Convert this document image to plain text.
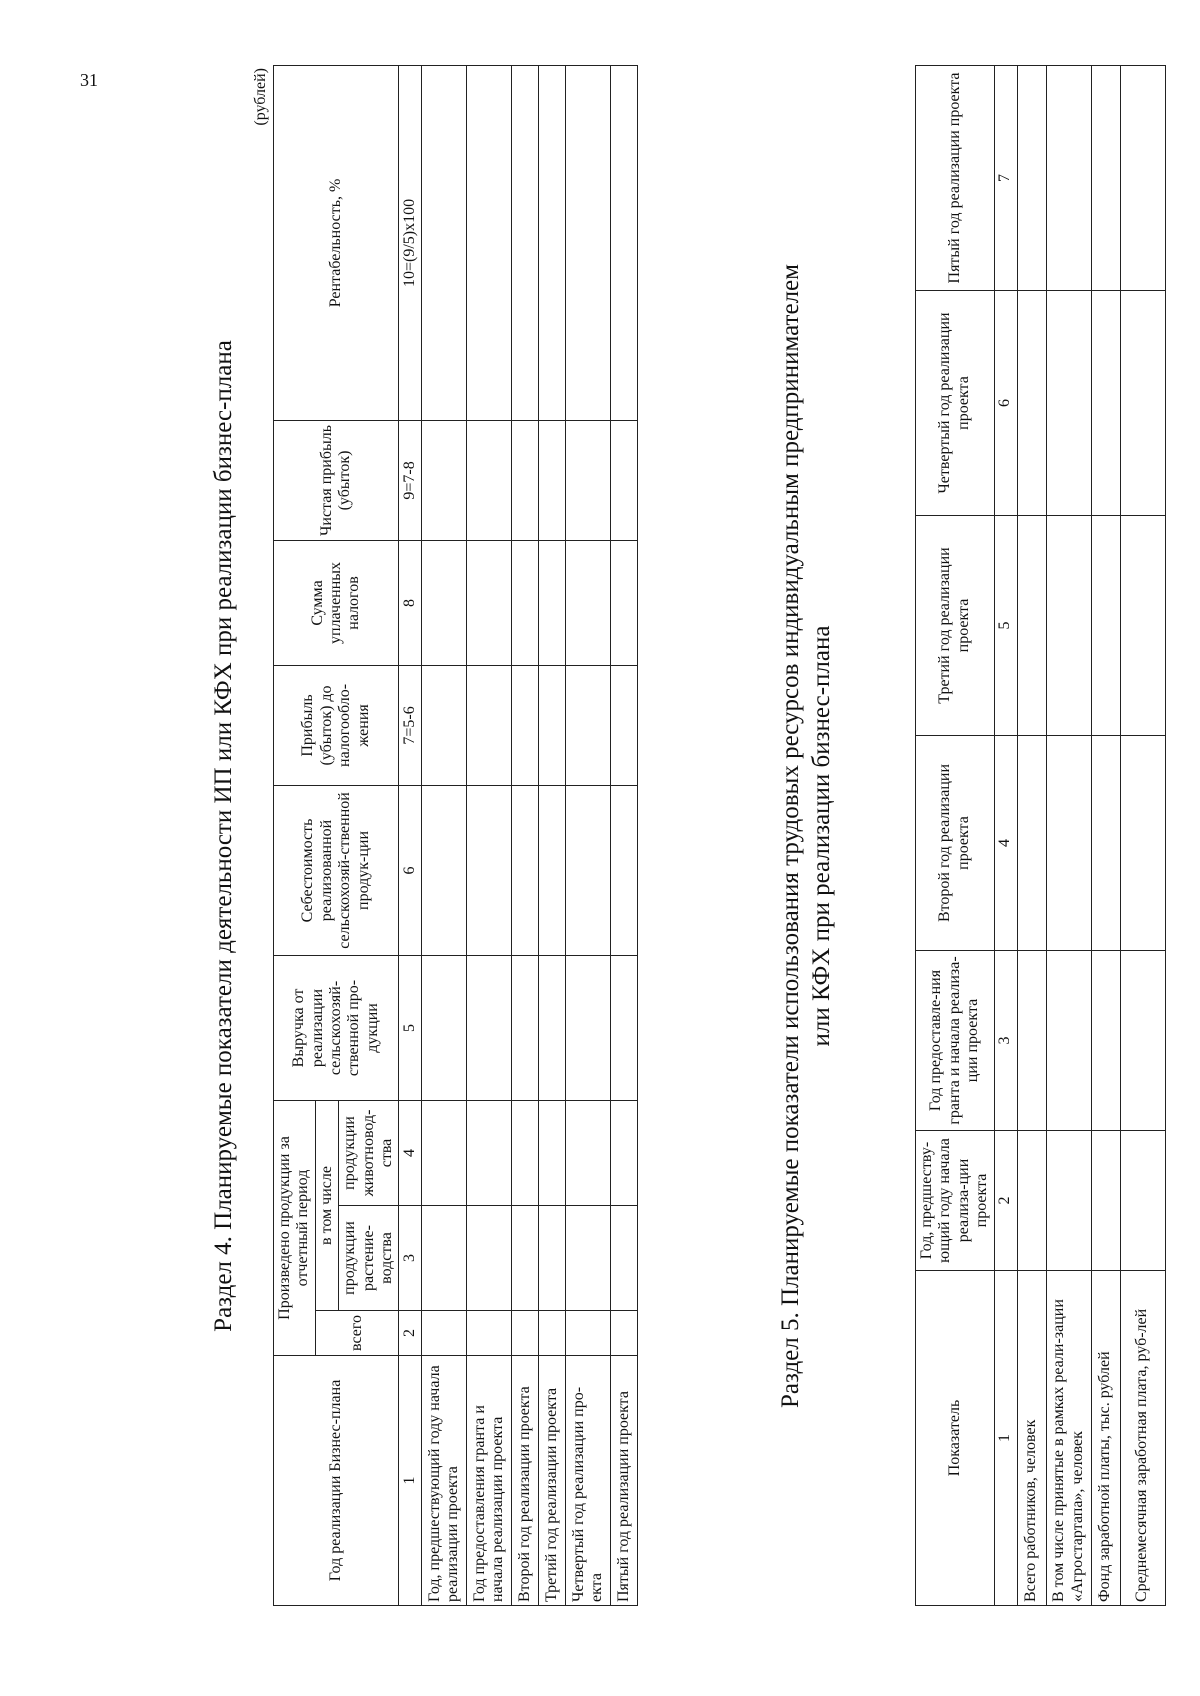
31
Раздел 4. Планируемые показатели деятельности ИП или КФХ при реализации бизнес-плана
(рублей)
Год реализации Бизнес-плана	Произведено продукции за отчетный период			Выручка от реализации сельскохозяй-ственной про-дукции	Себестоимость реализованной сельскохозяй-ственной продук-ции	Прибыль (убыток) до налогообло-жения	Сумма уплаченных налогов	Чистая прибыль (убыток)	Рентабельность, %
	всего	в том числе							
		продукции растение-водства	продукции животновод-ства						
1	2	3	4	5	6	7=5-6	8	9=7-8	10=(9/5)x100
Год, предшествующий году начала реализации проекта									
Год предоставления гранта и начала реализации проекта									
Второй год реализации проекта									
Третий год реализации проекта									
Четвертый год реализации про-екта									
Пятый год реализации проекта									
Раздел 5. Планируемые показатели использования трудовых ресурсов индивидуальным предпринимателем или КФХ при реализации бизнес-плана
Показатель	Год, предшеству-ющий году начала реализа-ции проекта	Год предоставле-ния гранта и начала реализа-ции проекта	Второй год реализации проекта	Третий год реализации проекта	Четвертый год реализации проекта	Пятый год реализации проекта
1	2	3	4	5	6	7
Всего работников, человек						
В том числе принятые в рамках реали-зации «Агростартапа», человек						
Фонд заработной платы, тыс. рублей						
Среднемесячная заработная плата, руб-лей						
